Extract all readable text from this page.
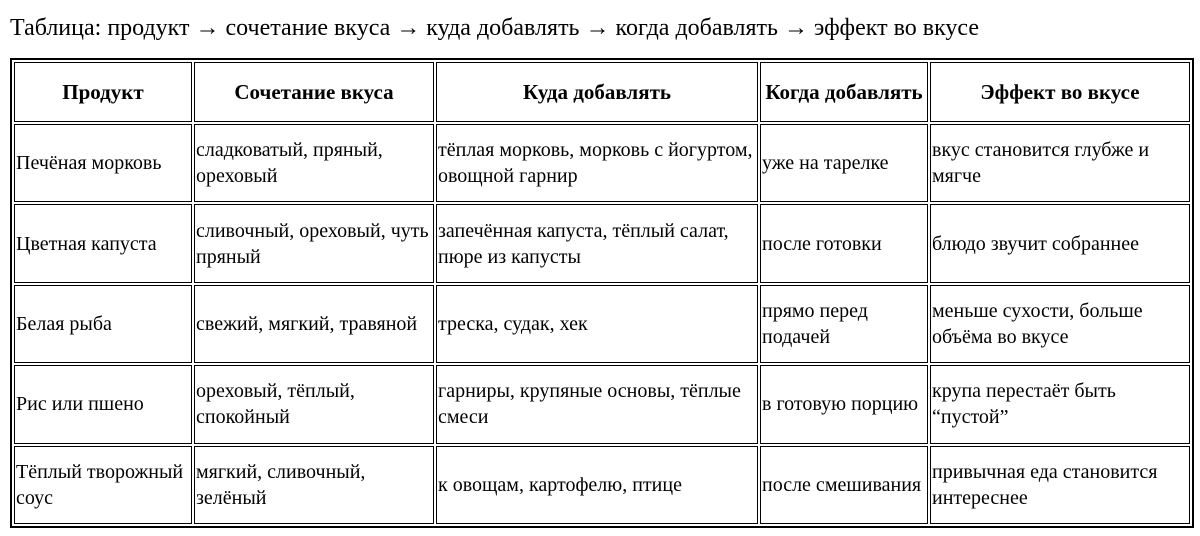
Таблица: продукт → сочетание вкуса → куда добавлять → когда добавлять → эффект во вкусе
Продукт	Сочетание вкуса	Куда добавлять	Когда добавлять	Эффект во вкусе
Печёная морковь	сладковатый, пряный, ореховый	тёплая морковь, морковь с йогуртом, овощной гарнир	уже на тарелке	вкус становится глубже и мягче
Цветная капуста	сливочный, ореховый, чуть пряный	запечённая капуста, тёплый салат, пюре из капусты	после готовки	блюдо звучит собраннее
Белая рыба	свежий, мягкий, травяной	треска, судак, хек	прямо перед подачей	меньше сухости, больше объёма во вкусе
Рис или пшено	ореховый, тёплый, спокойный	гарниры, крупяные основы, тёплые смеси	в готовую порцию	крупа перестаёт быть “пустой”
Тёплый творожный соус	мягкий, сливочный, зелёный	к овощам, картофелю, птице	после смешивания	привычная еда становится интереснее
